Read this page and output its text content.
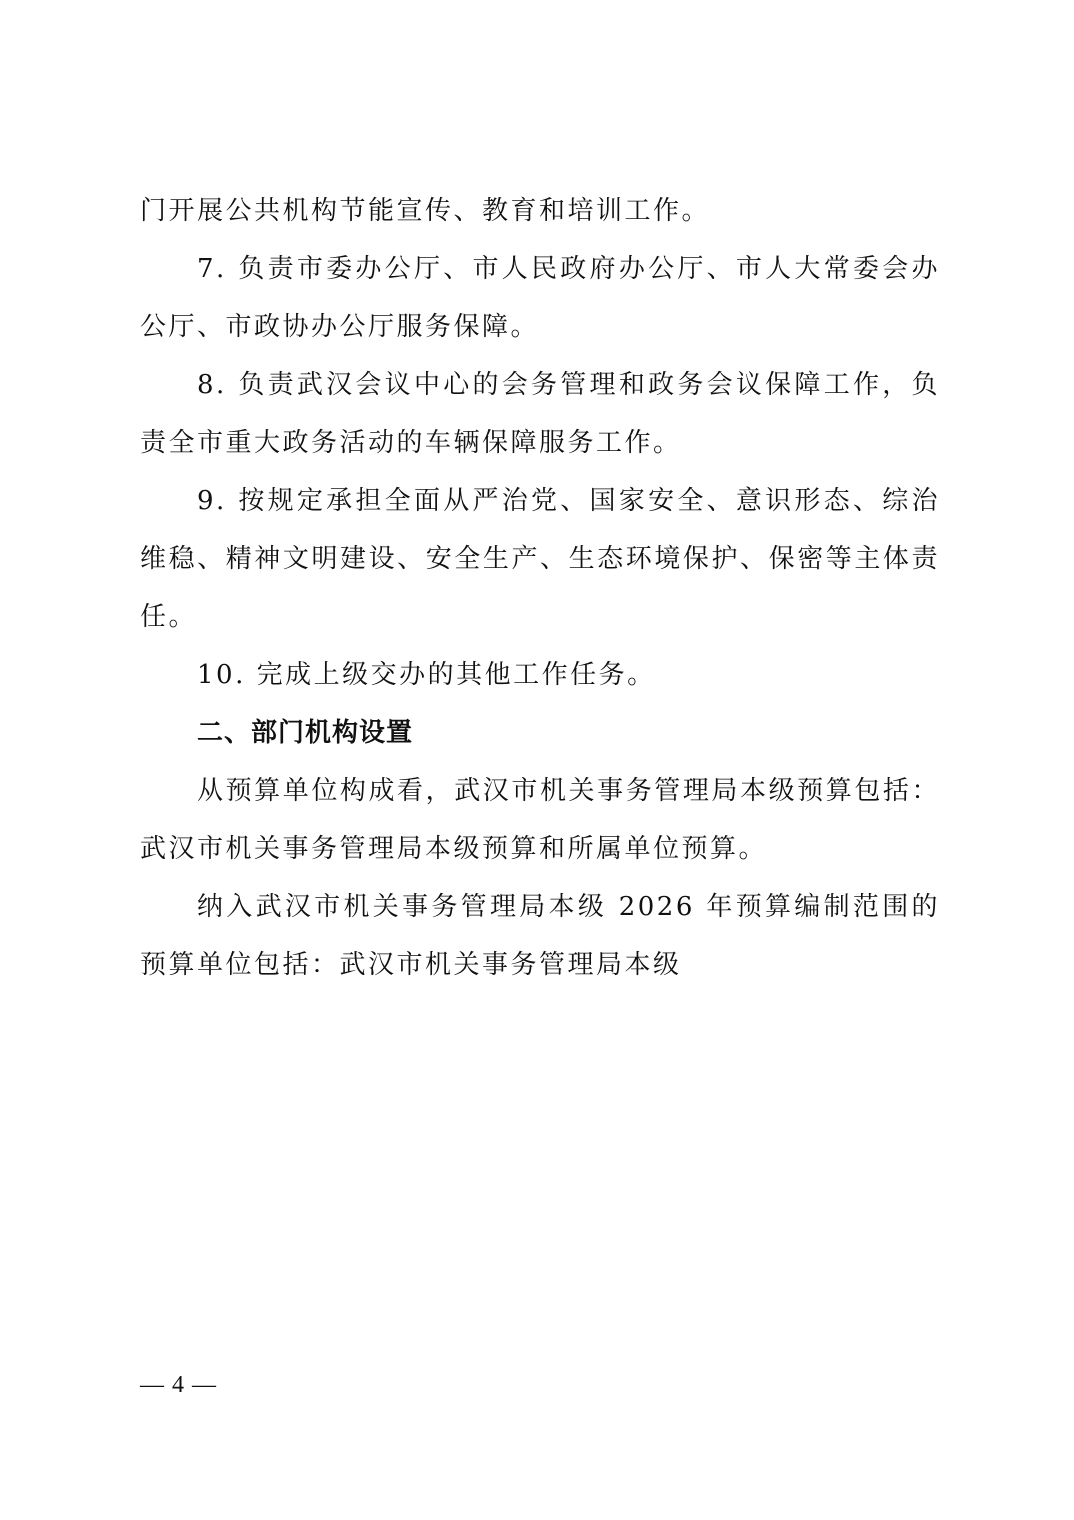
门开展公共机构节能宣传、教育和培训工作。

7. 负责市委办公厅、市人民政府办公厅、市人大常委会办公厅、市政协办公厅服务保障。

8. 负责武汉会议中心的会务管理和政务会议保障工作，负责全市重大政务活动的车辆保障服务工作。

9. 按规定承担全面从严治党、国家安全、意识形态、综治维稳、精神文明建设、安全生产、生态环境保护、保密等主体责任。

10. 完成上级交办的其他工作任务。

二、部门机构设置

从预算单位构成看，武汉市机关事务管理局本级预算包括：武汉市机关事务管理局本级预算和所属单位预算。

纳入武汉市机关事务管理局本级 2026 年预算编制范围的预算单位包括：武汉市机关事务管理局本级

— 4 —
